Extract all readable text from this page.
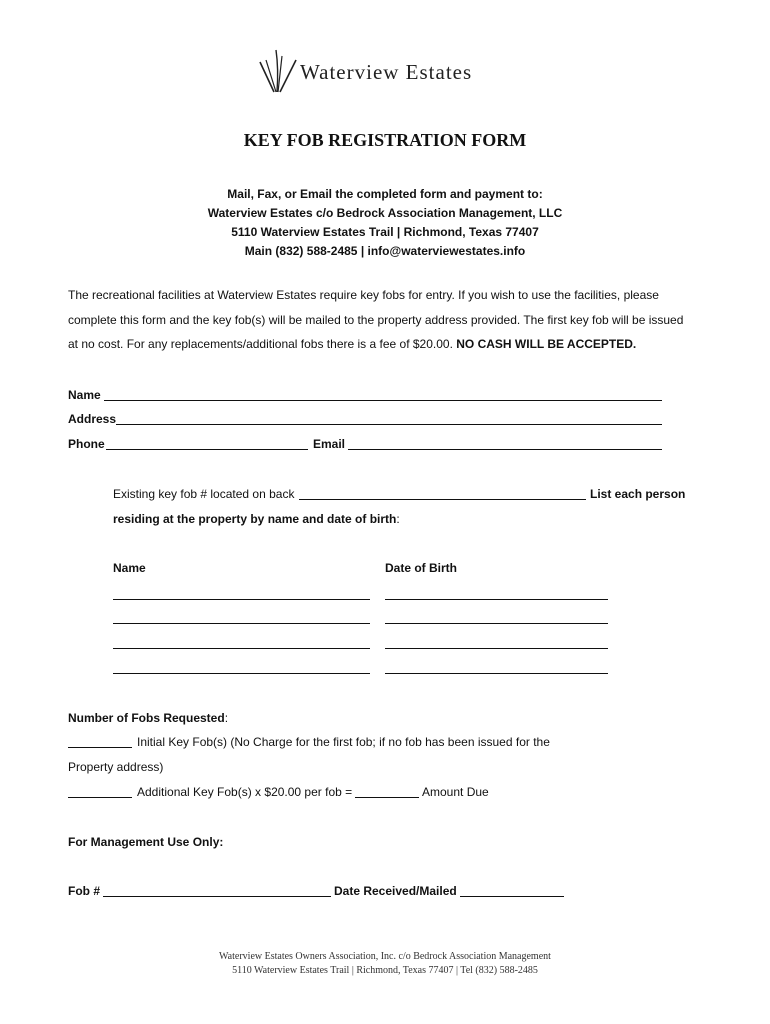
Waterview Estates
KEY FOB REGISTRATION FORM
Mail, Fax, or Email the completed form and payment to:
Waterview Estates c/o Bedrock Association Management, LLC
5110 Waterview Estates Trail | Richmond, Texas 77407
Main (832) 588-2485 | info@waterviewestates.info
The recreational facilities at Waterview Estates require key fobs for entry. If you wish to use the facilities, please
complete this form and the key fob(s) will be mailed to the property address provided. The first key fob will be issued
at no cost. For any replacements/additional fobs there is a fee of $20.00. NO CASH WILL BE ACCEPTED.
Name
Address
Phone	Email
Existing key fob # located on back	List each person
residing at the property by name and date of birth:
Name	Date of Birth
Number of Fobs Requested:
Initial Key Fob(s) (No Charge for the first fob; if no fob has been issued for the
Property address)
Additional Key Fob(s) x $20.00 per fob =	Amount Due
For Management Use Only:
Fob #	Date Received/Mailed
Waterview Estates Owners Association, Inc. c/o Bedrock Association Management
5110 Waterview Estates Trail | Richmond, Texas 77407 | Tel (832) 588-2485
